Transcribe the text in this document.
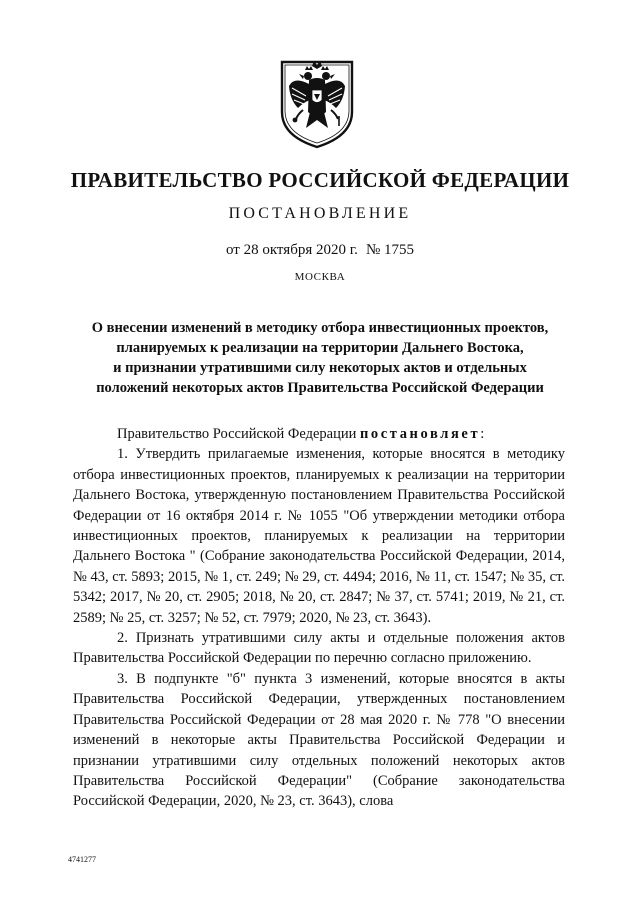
ПРАВИТЕЛЬСТВО РОССИЙСКОЙ ФЕДЕРАЦИИ
ПОСТАНОВЛЕНИЕ
от 28 октября 2020 г. № 1755
МОСКВА
О внесении изменений в методику отбора инвестиционных проектов,
планируемых к реализации на территории Дальнего Востока,
и признании утратившими силу некоторых актов и отдельных
положений некоторых актов Правительства Российской Федерации

Правительство Российской Федерации постановляет:

1. Утвердить прилагаемые изменения, которые вносятся в методику отбора инвестиционных проектов, планируемых к реализации на территории Дальнего Востока, утвержденную постановлением Правительства Российской Федерации от 16 октября 2014 г. № 1055 "Об утверждении методики отбора инвестиционных проектов, планируемых к реализации на территории Дальнего Востока " (Собрание законодательства Российской Федерации, 2014, № 43, ст. 5893; 2015, № 1, ст. 249; № 29, ст. 4494; 2016, № 11, ст. 1547; № 35, ст. 5342; 2017, № 20, ст. 2905; 2018, № 20, ст. 2847; № 37, ст. 5741; 2019, № 21, ст. 2589; № 25, ст. 3257; № 52, ст. 7979; 2020, № 23, ст. 3643).

2. Признать утратившими силу акты и отдельные положения актов Правительства Российской Федерации по перечню согласно приложению.

3. В подпункте "б" пункта 3 изменений, которые вносятся в акты Правительства Российской Федерации, утвержденных постановлением Правительства Российской Федерации от 28 мая 2020 г. № 778 "О внесении изменений в некоторые акты Правительства Российской Федерации и признании утратившими силу отдельных положений некоторых актов Правительства Российской Федерации" (Собрание законодательства Российской Федерации, 2020, № 23, ст. 3643), слова

4741277
